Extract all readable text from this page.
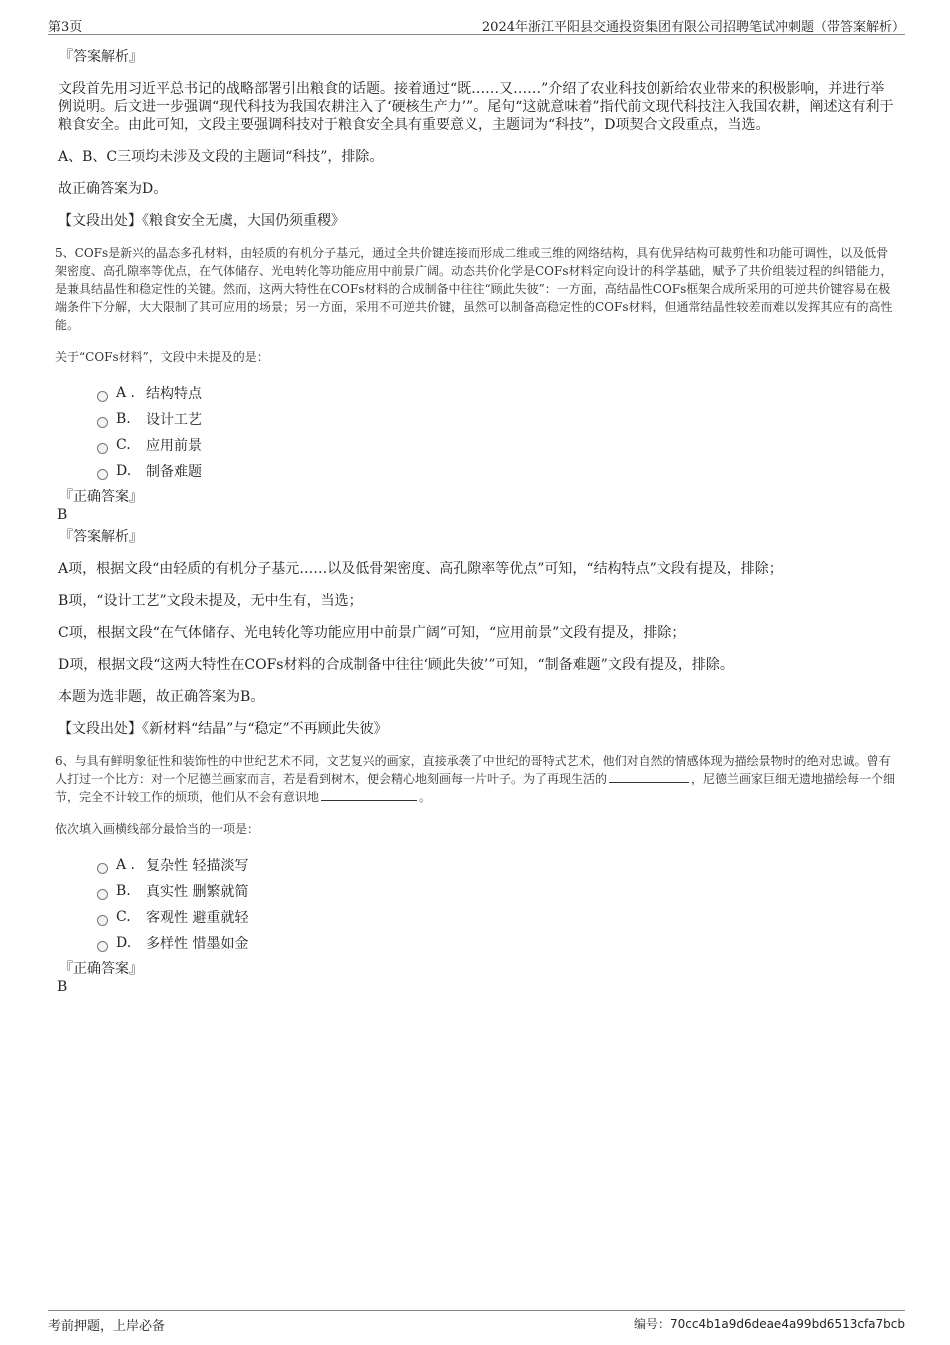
第3页	2024年浙江平阳县交通投资集团有限公司招聘笔试冲刺题（带答案解析）
『答案解析』

文段首先用习近平总书记的战略部署引出粮食的话题。接着通过“既……又……”介绍了农业科技创新给农业带来的积极影响，并进行举例说明。后文进一步强调“现代科技为我国农耕注入了‘硬核生产力’”。尾句“这就意味着”指代前文现代科技注入我国农耕，阐述这有利于粮食安全。由此可知，文段主要强调科技对于粮食安全具有重要意义，主题词为“科技”，D项契合文段重点，当选。

A、B、C三项均未涉及文段的主题词“科技”，排除。

故正确答案为D。

【文段出处】《粮食安全无虞，大国仍须重稷》

5、COFs是新兴的晶态多孔材料，由轻质的有机分子基元，通过全共价键连接而形成二维或三维的网络结构，具有优异结构可裁剪性和功能可调性，以及低骨架密度、高孔隙率等优点，在气体储存、光电转化等功能应用中前景广阔。动态共价化学是COFs材料定向设计的科学基础，赋予了共价组装过程的纠错能力，是兼具结晶性和稳定性的关键。然而，这两大特性在COFs材料的合成制备中往往“顾此失彼”：一方面，高结晶性COFs框架合成所采用的可逆共价键容易在极端条件下分解，大大限制了其可应用的场景；另一方面，采用不可逆共价键，虽然可以制备高稳定性的COFs材料，但通常结晶性较差而难以发挥其应有的高性能。

关于“COFs材料”，文段中未提及的是：

A . 结构特点
B.	设计工艺
C.	应用前景
D.	制备难题
『正确答案』
B
『答案解析』

A项，根据文段“由轻质的有机分子基元……以及低骨架密度、高孔隙率等优点”可知，“结构特点”文段有提及，排除；

B项，“设计工艺”文段未提及，无中生有，当选；

C项，根据文段“在气体储存、光电转化等功能应用中前景广阔”可知，“应用前景”文段有提及，排除；

D项，根据文段“这两大特性在COFs材料的合成制备中往往‘顾此失彼’”可知，“制备难题”文段有提及，排除。

本题为选非题，故正确答案为B。

【文段出处】《新材料“结晶”与“稳定”不再顾此失彼》

6、与具有鲜明象征性和装饰性的中世纪艺术不同，文艺复兴的画家，直接承袭了中世纪的哥特式艺术，他们对自然的情感体现为描绘景物时的绝对忠诚。曾有人打过一个比方：对一个尼德兰画家而言，若是看到树木，便会精心地刻画每一片叶子。为了再现生活的	，尼德兰画家巨细无遗地描绘每一个细节，完全不计较工作的烦琐，他们从不会有意识地	。

依次填入画横线部分最恰当的一项是：

A . 复杂性 轻描淡写
B.	真实性 删繁就简
C.	客观性 避重就轻
D.	多样性 惜墨如金
『正确答案』
B
考前押题，上岸必备	编号：70cc4b1a9d6deae4a99bd6513cfa7bcb
